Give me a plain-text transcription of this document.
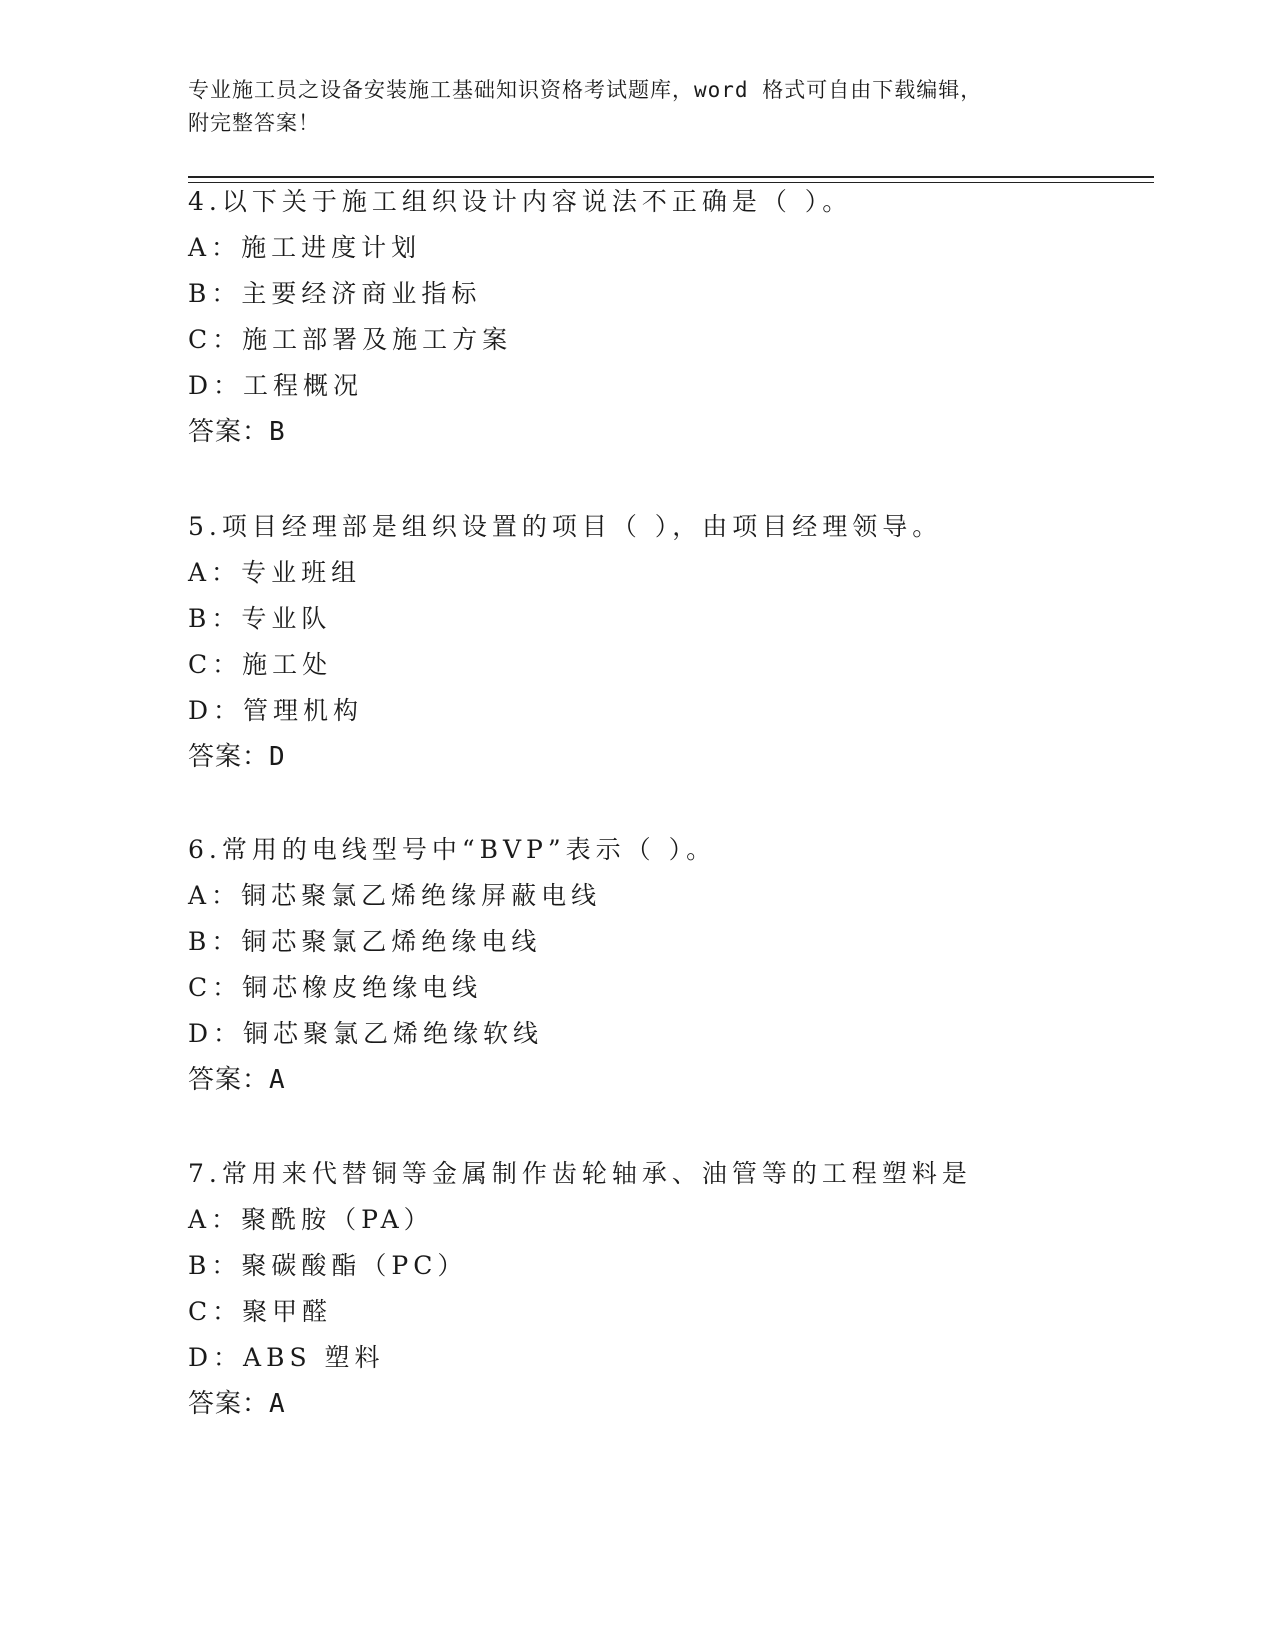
专业施工员之设备安装施工基础知识资格考试题库，word 格式可自由下载编辑，
附完整答案！
4.以下关于施工组织设计内容说法不正确是（ ）。
A：施工进度计划
B：主要经济商业指标
C：施工部署及施工方案
D：工程概况
答案：B
5.项目经理部是组织设置的项目（ ），由项目经理领导。
A：专业班组
B：专业队
C：施工处
D：管理机构
答案：D
6.常用的电线型号中“BVP”表示（ ）。
A：铜芯聚氯乙烯绝缘屏蔽电线
B：铜芯聚氯乙烯绝缘电线
C：铜芯橡皮绝缘电线
D：铜芯聚氯乙烯绝缘软线
答案：A
7.常用来代替铜等金属制作齿轮轴承、油管等的工程塑料是
A：聚酰胺（PA）
B：聚碳酸酯（PC）
C：聚甲醛
D：ABS 塑料
答案：A
